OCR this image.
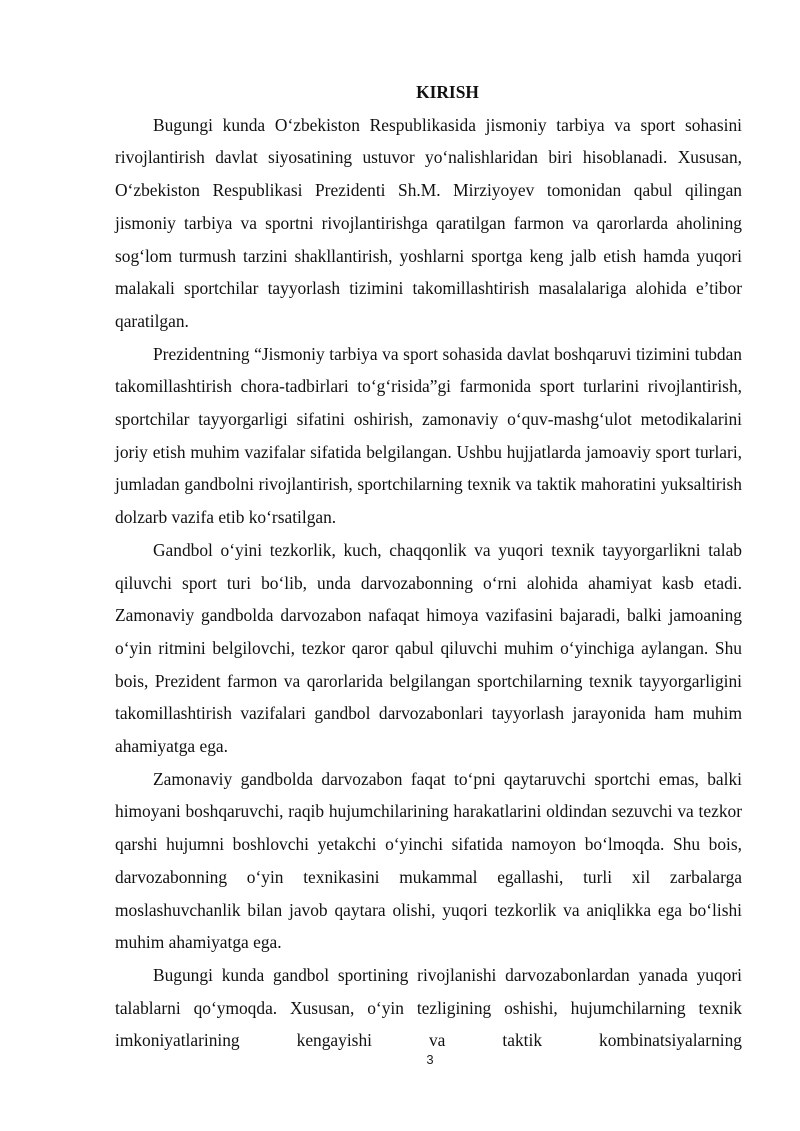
KIRISH

Bugungi kunda O‘zbekiston Respublikasida jismoniy tarbiya va sport sohasini rivojlantirish davlat siyosatining ustuvor yo‘nalishlaridan biri hisoblanadi. Xususan, O‘zbekiston Respublikasi Prezidenti Sh.M. Mirziyoyev tomonidan qabul qilingan jismoniy tarbiya va sportni rivojlantirishga qaratilgan farmon va qarorlarda aholining sog‘lom turmush tarzini shakllantirish, yoshlarni sportga keng jalb etish hamda yuqori malakali sportchilar tayyorlash tizimini takomillashtirish masalalariga alohida e’tibor qaratilgan.

Prezidentning “Jismoniy tarbiya va sport sohasida davlat boshqaruvi tizimini tubdan takomillashtirish chora-tadbirlari to‘g‘risida”gi farmonida sport turlarini rivojlantirish, sportchilar tayyorgarligi sifatini oshirish, zamonaviy o‘quv-mashg‘ulot metodikalarini joriy etish muhim vazifalar sifatida belgilangan. Ushbu hujjatlarda jamoaviy sport turlari, jumladan gandbolni rivojlantirish, sportchilarning texnik va taktik mahoratini yuksaltirish dolzarb vazifa etib ko‘rsatilgan.

Gandbol o‘yini tezkorlik, kuch, chaqqonlik va yuqori texnik tayyorgarlikni talab qiluvchi sport turi bo‘lib, unda darvozabonning o‘rni alohida ahamiyat kasb etadi. Zamonaviy gandbolda darvozabon nafaqat himoya vazifasini bajaradi, balki jamoaning o‘yin ritmini belgilovchi, tezkor qaror qabul qiluvchi muhim o‘yinchiga aylangan. Shu bois, Prezident farmon va qarorlarida belgilangan sportchilarning texnik tayyorgarligini takomillashtirish vazifalari gandbol darvozabonlari tayyorlash jarayonida ham muhim ahamiyatga ega.

Zamonaviy gandbolda darvozabon faqat to‘pni qaytaruvchi sportchi emas, balki himoyani boshqaruvchi, raqib hujumchilarining harakatlarini oldindan sezuvchi va tezkor qarshi hujumni boshlovchi yetakchi o‘yinchi sifatida namoyon bo‘lmoqda. Shu bois, darvozabonning o‘yin texnikasini mukammal egallashi, turli xil zarbalarga moslashuvchanlik bilan javob qaytara olishi, yuqori tezkorlik va aniqlikka ega bo‘lishi muhim ahamiyatga ega.

Bugungi kunda gandbol sportining rivojlanishi darvozabonlardan yanada yuqori talablarni qo‘ymoqda. Xususan, o‘yin tezligining oshishi, hujumchilarning texnik imkoniyatlarining kengayishi va taktik kombinatsiyalarning

3
